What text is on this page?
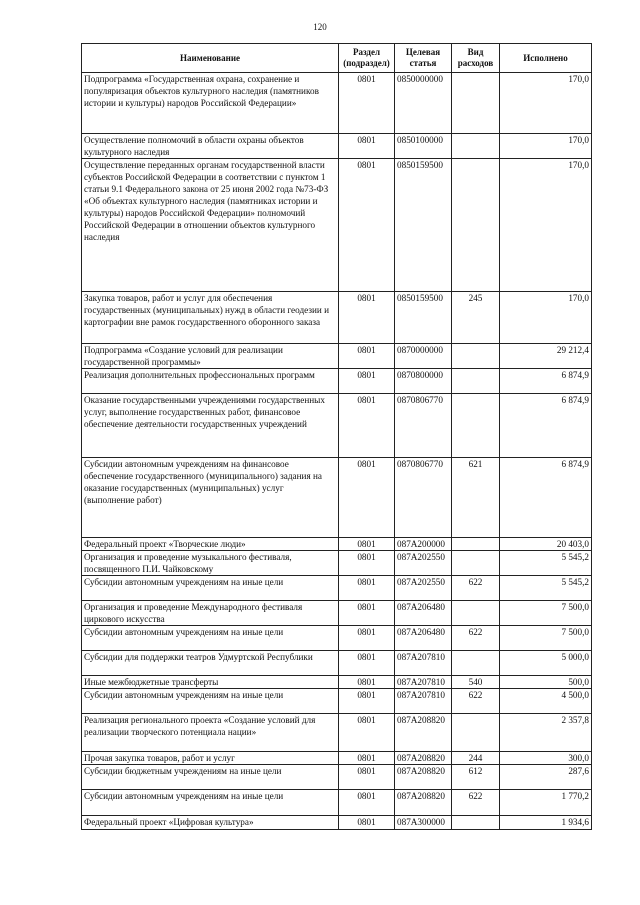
120
Наименование	Раздел (подраздел)	Целевая статья	Вид расходов	Исполнено
Подпрограмма «Государственная охрана, сохранение и популяризация объектов культурного наследия (памятников истории и культуры) народов Российской Федерации»	0801	0850000000		170,0
Осуществление полномочий в области охраны объектов культурного наследия	0801	0850100000		170,0
Осуществление переданных органам государственной власти субъектов Российской Федерации в соответствии с пунктом 1 статьи 9.1 Федерального закона от 25 июня 2002 года №73-ФЗ «Об объектах культурного наследия (памятниках истории и культуры) народов Российской Федерации» полномочий Российской Федерации в отношении объектов культурного наследия	0801	0850159500		170,0
Закупка товаров, работ и услуг для обеспечения государственных (муниципальных) нужд в области геодезии и картографии вне рамок государственного оборонного заказа	0801	0850159500	245	170,0
Подпрограмма «Создание условий для реализации государственной программы»	0801	0870000000		29 212,4
Реализация дополнительных профессиональных программ	0801	0870800000		6 874,9
Оказание государственными учреждениями государственных услуг, выполнение государственных работ, финансовое обеспечение деятельности государственных учреждений	0801	0870806770		6 874,9
Субсидии автономным учреждениям на финансовое обеспечение государственного (муниципального) задания на оказание государственных (муниципальных) услуг (выполнение работ)	0801	0870806770	621	6 874,9
Федеральный проект «Творческие люди»	0801	087A200000		20 403,0
Организация и проведение музыкального фестиваля, посвященного П.И. Чайковскому	0801	087A202550		5 545,2
Субсидии автономным учреждениям на иные цели	0801	087A202550	622	5 545,2
Организация и проведение Международного фестиваля циркового искусства	0801	087A206480		7 500,0
Субсидии автономным учреждениям на иные цели	0801	087A206480	622	7 500,0
Субсидии для поддержки театров Удмуртской Республики	0801	087A207810		5 000,0
Иные межбюджетные трансферты	0801	087A207810	540	500,0
Субсидии автономным учреждениям на иные цели	0801	087A207810	622	4 500,0
Реализация регионального проекта «Создание условий для реализации творческого потенциала нации»	0801	087A208820		2 357,8
Прочая закупка товаров, работ и услуг	0801	087A208820	244	300,0
Субсидии бюджетным учреждениям на иные цели	0801	087A208820	612	287,6
Субсидии автономным учреждениям на иные цели	0801	087A208820	622	1 770,2
Федеральный проект «Цифровая культура»	0801	087A300000		1 934,6
